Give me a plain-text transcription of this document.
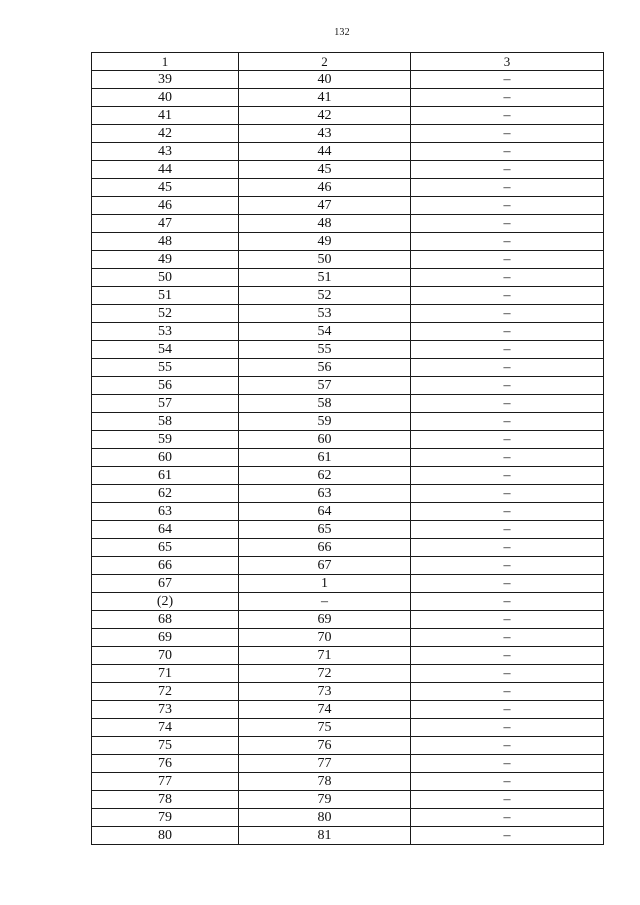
132
1	2	3
39	40	–
40	41	–
41	42	–
42	43	–
43	44	–
44	45	–
45	46	–
46	47	–
47	48	–
48	49	–
49	50	–
50	51	–
51	52	–
52	53	–
53	54	–
54	55	–
55	56	–
56	57	–
57	58	–
58	59	–
59	60	–
60	61	–
61	62	–
62	63	–
63	64	–
64	65	–
65	66	–
66	67	–
67	1	–
(2)	–	–
68	69	–
69	70	–
70	71	–
71	72	–
72	73	–
73	74	–
74	75	–
75	76	–
76	77	–
77	78	–
78	79	–
79	80	–
80	81	–
